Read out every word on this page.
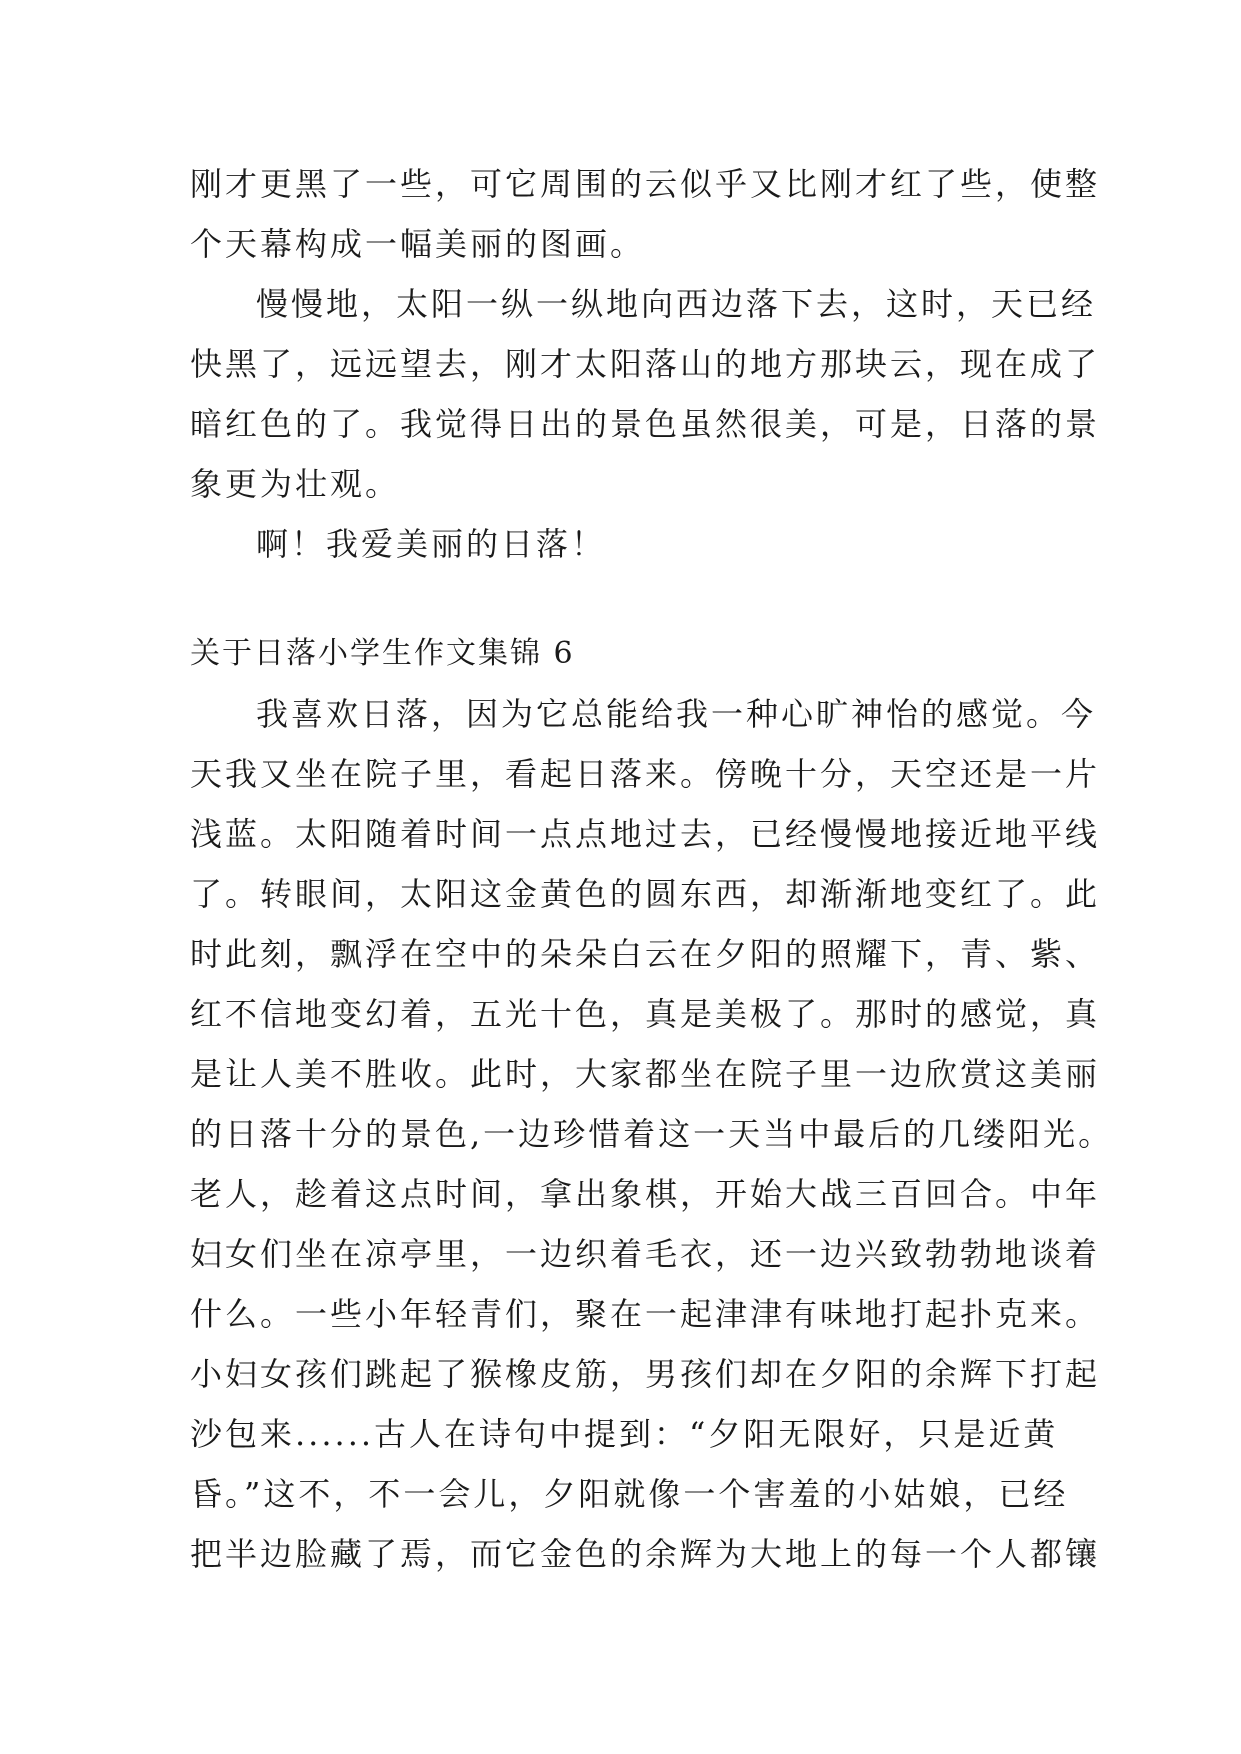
刚才更黑了一些，可它周围的云似乎又比刚才红了些，使整
个天幕构成一幅美丽的图画。
慢慢地，太阳一纵一纵地向西边落下去，这时，天已经
快黑了，远远望去，刚才太阳落山的地方那块云，现在成了
暗红色的了。我觉得日出的景色虽然很美，可是，日落的景
象更为壮观。
啊！我爱美丽的日落！
关于日落小学生作文集锦 6
我喜欢日落，因为它总能给我一种心旷神怡的感觉。今
天我又坐在院子里，看起日落来。傍晚十分，天空还是一片
浅蓝。太阳随着时间一点点地过去，已经慢慢地接近地平线
了。转眼间，太阳这金黄色的圆东西，却渐渐地变红了。此
时此刻，飘浮在空中的朵朵白云在夕阳的照耀下，青、紫、
红不信地变幻着，五光十色，真是美极了。那时的感觉，真
是让人美不胜收。此时，大家都坐在院子里一边欣赏这美丽
的日落十分的景色,一边珍惜着这一天当中最后的几缕阳光。
老人，趁着这点时间，拿出象棋，开始大战三百回合。中年
妇女们坐在凉亭里，一边织着毛衣，还一边兴致勃勃地谈着
什么。一些小年轻青们，聚在一起津津有味地打起扑克来。
小妇女孩们跳起了猴橡皮筋，男孩们却在夕阳的余辉下打起
沙包来......古人在诗句中提到：“夕阳无限好，只是近黄
昏。”这不，不一会儿，夕阳就像一个害羞的小姑娘，已经
把半边脸藏了焉，而它金色的余辉为大地上的每一个人都镶
